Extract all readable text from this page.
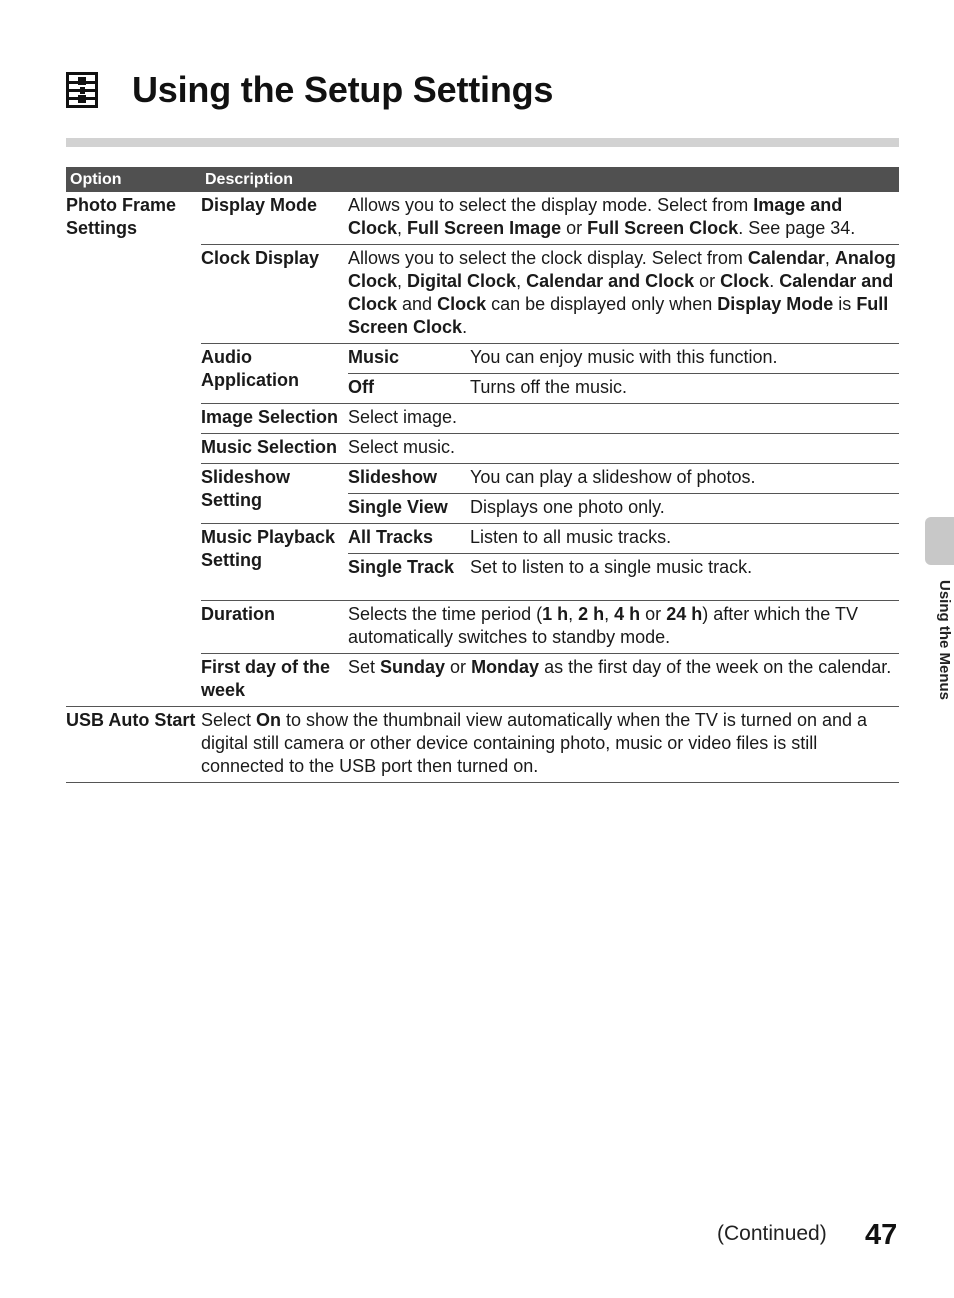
Using the Setup Settings
Option	Description		
Photo Frame Settings	Display Mode	Allows you to select the display mode. Select from Image and Clock, Full Screen Image or Full Screen Clock. See page 34.	
	Clock Display	Allows you to select the clock display. Select from Calendar, Analog Clock, Digital Clock, Calendar and Clock or Clock. Calendar and Clock and Clock can be displayed only when Display Mode is Full Screen Clock.	
	Audio Application	Music	You can enjoy music with this function.
		Off	Turns off the music.
	Image Selection	Select image.	
	Music Selection	Select music.	
	Slideshow Setting	Slideshow	You can play a slideshow of photos.
		Single View	Displays one photo only.
	Music Playback Setting	All Tracks	Listen to all music tracks.
		Single Track	Set to listen to a single music track.
	Duration	Selects the time period (1 h, 2 h, 4 h or 24 h) after which the TV automatically switches to standby mode.	
	First day of the week	Set Sunday or Monday as the first day of the week on the calendar.	
USB Auto Start	Select On to show the thumbnail view automatically when the TV is turned on and a digital still camera or other device containing photo, music or video files is still connected to the USB port then turned on.		
Using the Menus
(Continued) 47
